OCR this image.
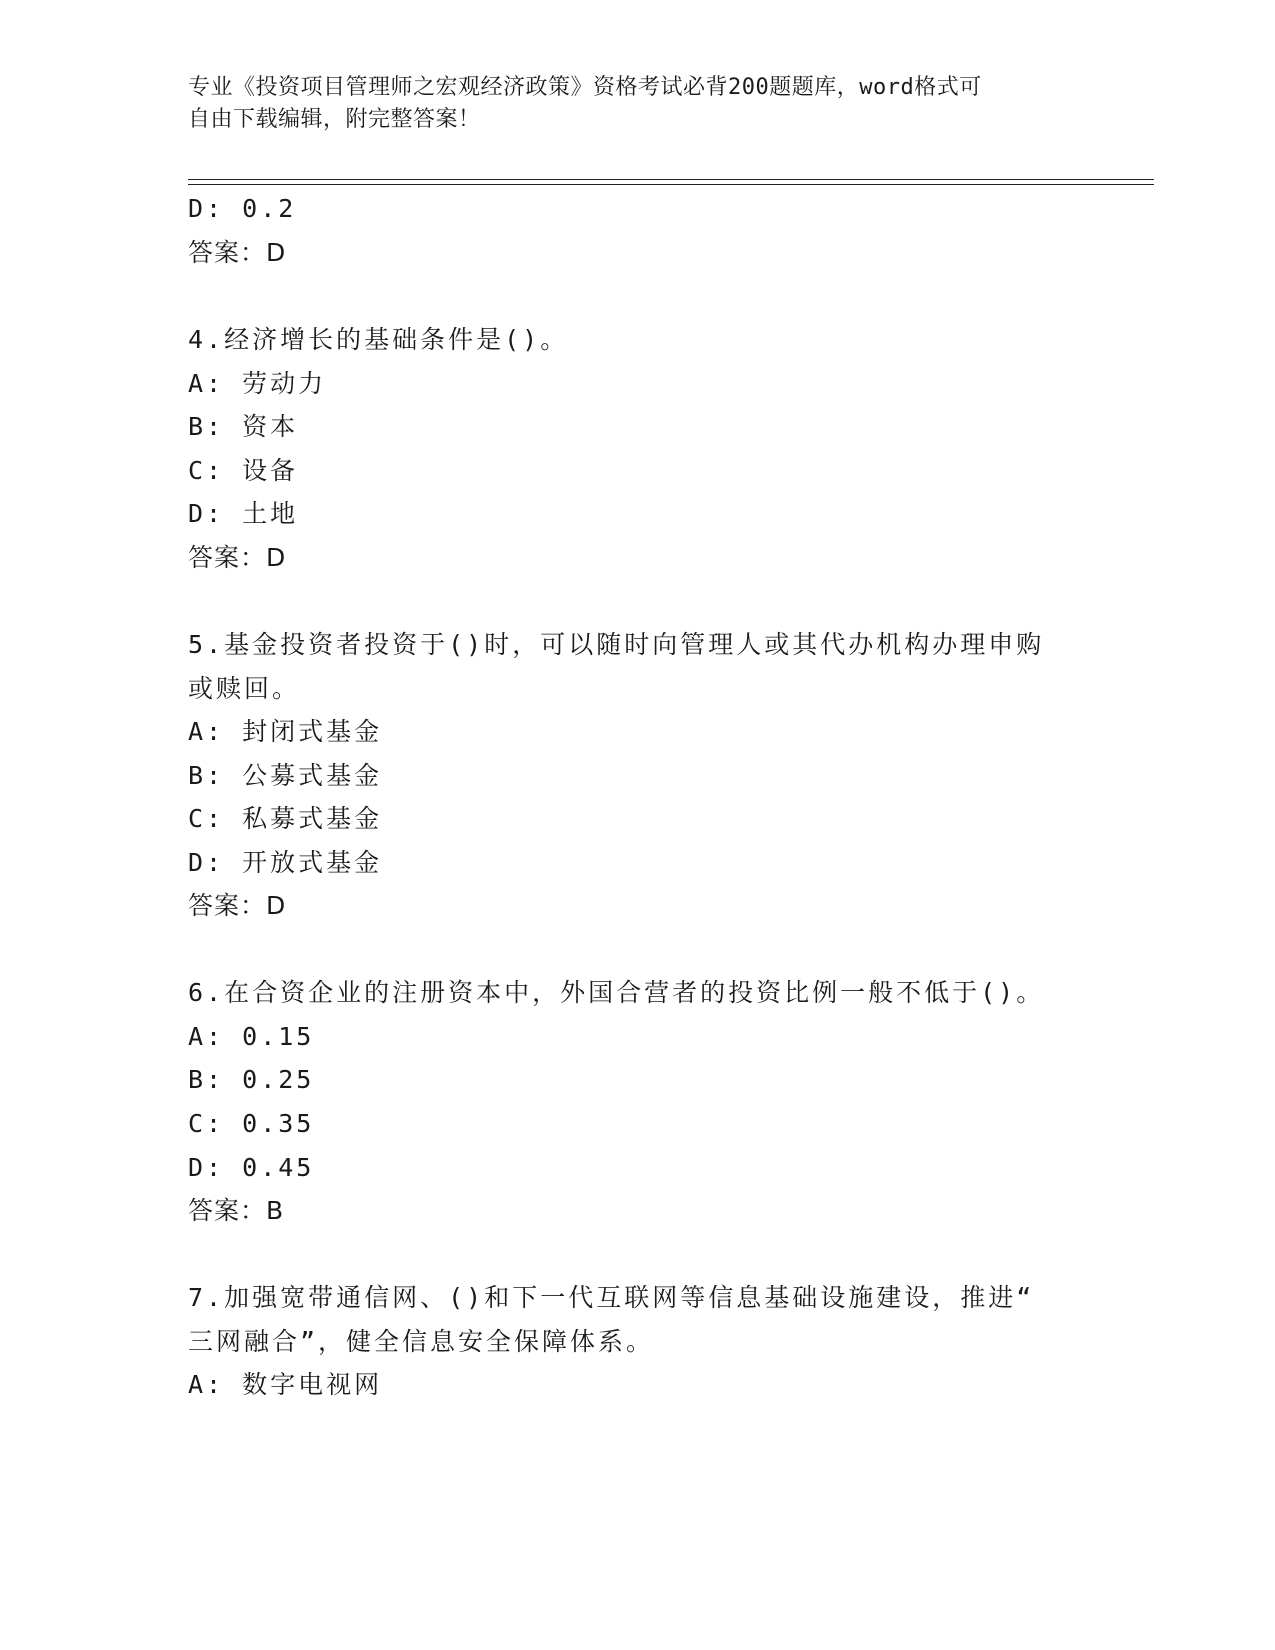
专业《投资项目管理师之宏观经济政策》资格考试必背200题题库，word格式可
自由下载编辑，附完整答案！
D: 0.2
答案：D
4.经济增长的基础条件是()。
A: 劳动力
B: 资本
C: 设备
D: 土地
答案：D
5.基金投资者投资于()时，可以随时向管理人或其代办机构办理申购
或赎回。
A: 封闭式基金
B: 公募式基金
C: 私募式基金
D: 开放式基金
答案：D
6.在合资企业的注册资本中，外国合营者的投资比例一般不低于()。
A: 0.15
B: 0.25
C: 0.35
D: 0.45
答案：B
7.加强宽带通信网、()和下一代互联网等信息基础设施建设，推进“
三网融合”，健全信息安全保障体系。
A: 数字电视网
